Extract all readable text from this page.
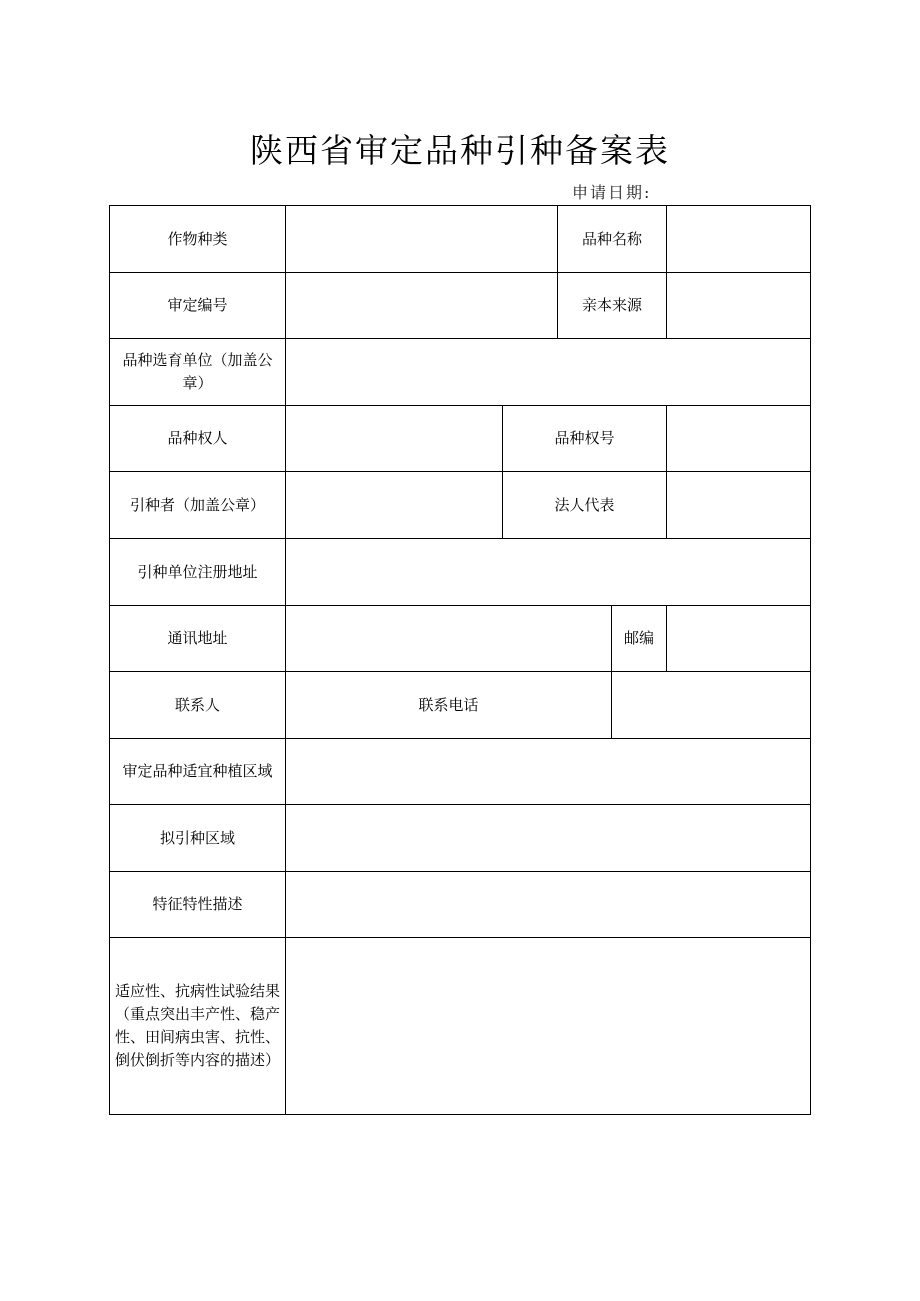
陕西省审定品种引种备案表
申请日期:
作物种类			品种名称		
审定编号			亲本来源		
品种选育单位（加盖公章）					
品种权人		品种权号			
引种者（加盖公章）		法人代表			
引种单位注册地址					
通讯地址				邮编	
联系人	联系电话				
审定品种适宜种植区域					
拟引种区域					
特征特性描述					
适应性、抗病性试验结果（重点突出丰产性、稳产性、田间病虫害、抗性、倒伏倒折等内容的描述）					
